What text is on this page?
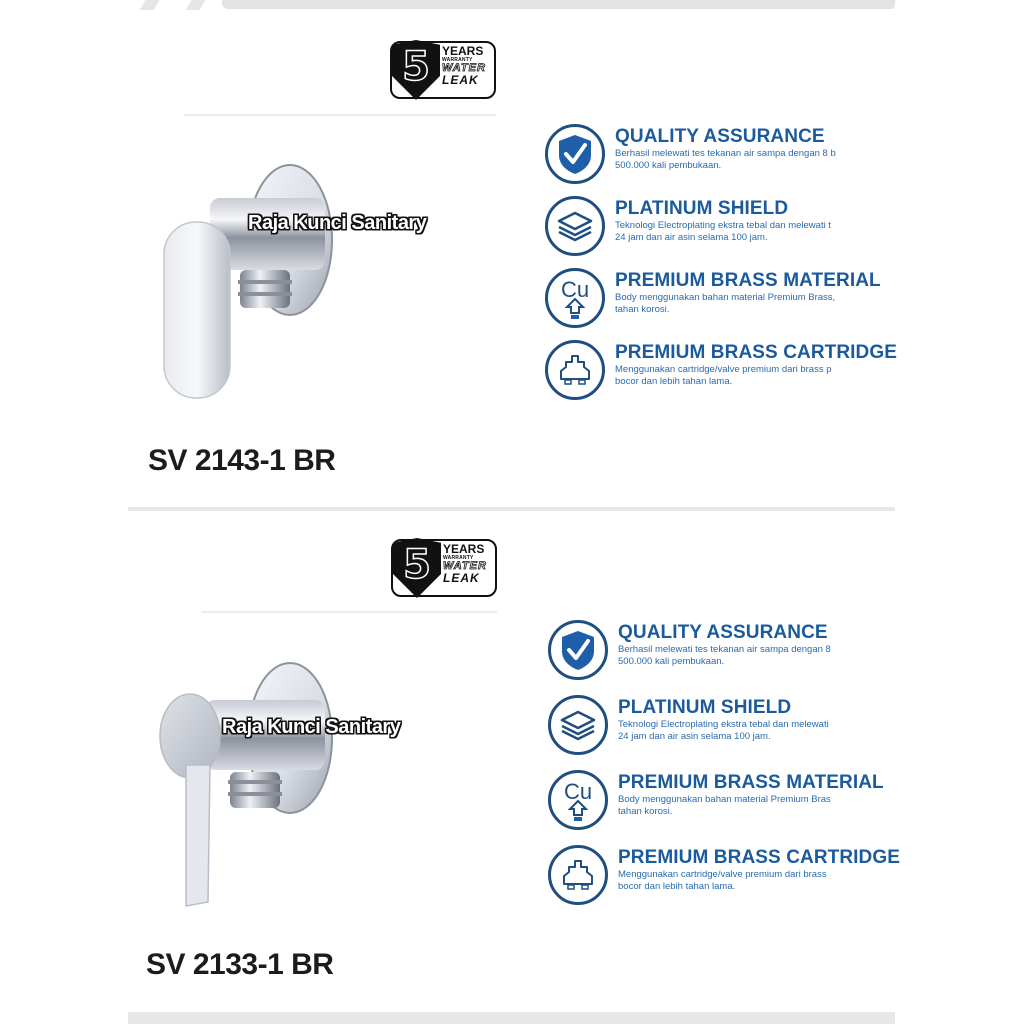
5 YEARS
WARRANTY
WATER
LEAK
Raja Kunci Sanitary
SV 2143-1 BR
QUALITY ASSURANCE
Berhasil melewati tes tekanan air sampa dengan 8 b
500.000 kali pembukaan.
PLATINUM SHIELD
Teknologi Electroplating ekstra tebal dan melewati t
24 jam dan air asin selama 100 jam.
Cu PREMIUM BRASS MATERIAL
Body menggunakan bahan material Premium Brass,
tahan korosi.
PREMIUM BRASS CARTRIDGE
Menggunakan cartridge/valve premium dari brass p
bocor dan lebih tahan lama.
5 YEARS
WARRANTY
WATER
LEAK
Raja Kunci Sanitary
SV 2133-1 BR
QUALITY ASSURANCE
Berhasil melewati tes tekanan air sampa dengan 8
500.000 kali pembukaan.
PLATINUM SHIELD
Teknologi Electroplating ekstra tebal dan melewati
24 jam dan air asin selama 100 jam.
Cu PREMIUM BRASS MATERIAL
Body menggunakan bahan material Premium Bras
tahan korosi.
PREMIUM BRASS CARTRIDGE
Menggunakan cartridge/valve premium dari brass
bocor dan lebih tahan lama.
